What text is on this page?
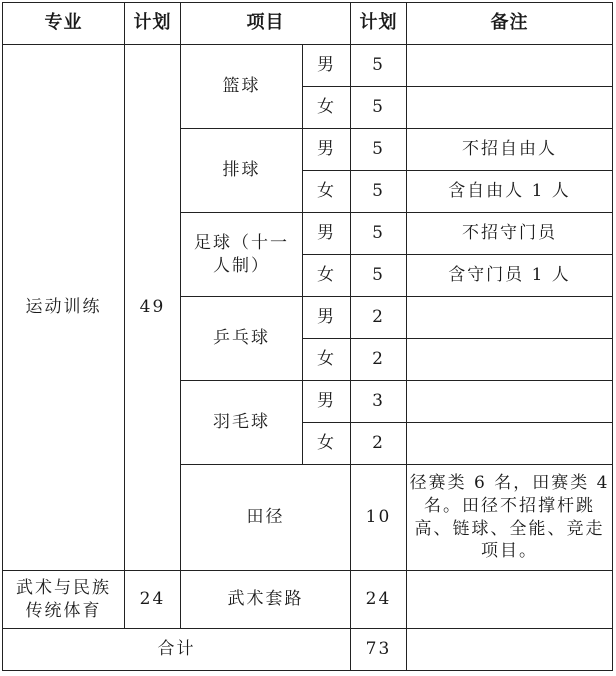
专业	计划	项目		计划	备注
运动训练	49	篮球	男	5	
			女	5	
		排球	男	5	不招自由人
			女	5	含自由人 1 人
		足球（十一人制）	男	5	不招守门员
			女	5	含守门员 1 人
		乒乓球	男	2	
			女	2	
		羽毛球	男	3	
			女	2	
		田径		10	径赛类 6 名，田赛类 4 名。田径不招撑杆跳高、链球、全能、竞走项目。
武术与民族传统体育	24	武术套路		24	
合计				73	
